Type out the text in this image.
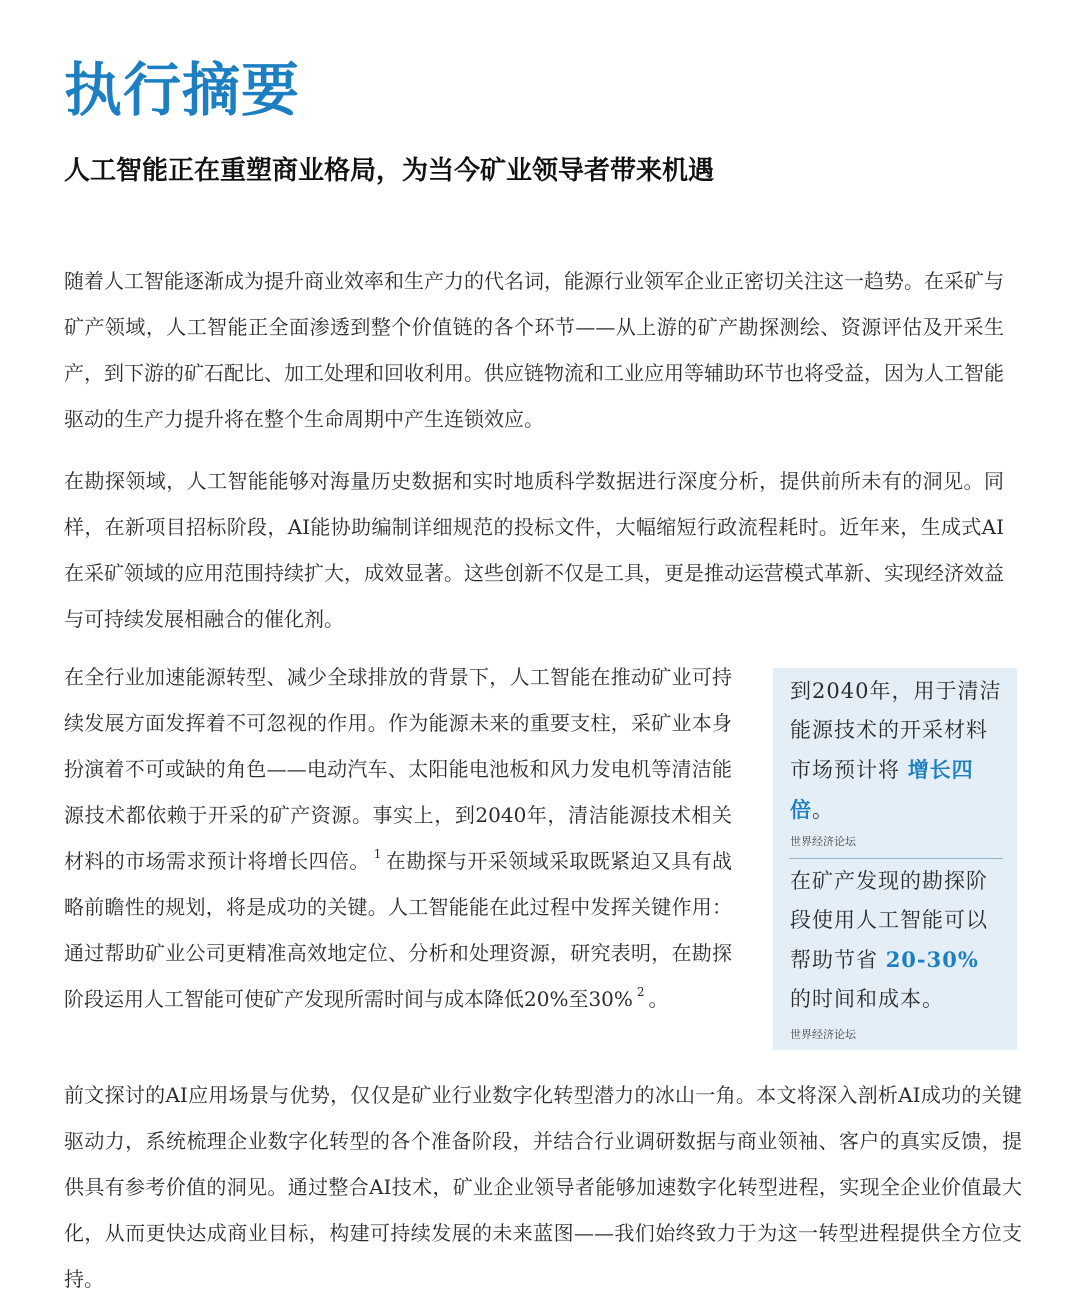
执行摘要
人工智能正在重塑商业格局，为当今矿业领导者带来机遇

随着人工智能逐渐成为提升商业效率和生产力的代名词，能源行业领军企业正密切关注这一趋势。在采矿与矿产领域，人工智能正全面渗透到整个价值链的各个环节——从上游的矿产勘探测绘、资源评估及开采生产，到下游的矿石配比、加工处理和回收利用。供应链物流和工业应用等辅助环节也将受益，因为人工智能驱动的生产力提升将在整个生命周期中产生连锁效应。

在勘探领域，人工智能能够对海量历史数据和实时地质科学数据进行深度分析，提供前所未有的洞见。同样，在新项目招标阶段，AI能协助编制详细规范的投标文件，大幅缩短行政流程耗时。近年来，生成式AI在采矿领域的应用范围持续扩大，成效显著。这些创新不仅是工具，更是推动运营模式革新、实现经济效益与可持续发展相融合的催化剂。

在全行业加速能源转型、减少全球排放的背景下，人工智能在推动矿业可持续发展方面发挥着不可忽视的作用。作为能源未来的重要支柱，采矿业本身扮演着不可或缺的角色——电动汽车、太阳能电池板和风力发电机等清洁能源技术都依赖于开采的矿产资源。事实上，到2040年，清洁能源技术相关材料的市场需求预计将增长四倍。 $^1$ 在勘探与开采领域采取既紧迫又具有战略前瞻性的规划，将是成功的关键。人工智能能在此过程中发挥关键作用：通过帮助矿业公司更精准高效地定位、分析和处理资源，研究表明，在勘探阶段运用人工智能可使矿产发现所需时间与成本降低20%至30% $^2$ 。

到2040年，用于清洁能源技术的开采材料市场预计将 增长四倍。

世界经济论坛

在矿产发现的勘探阶段使用人工智能可以帮助节省 20-30% 的时间和成本。

世界经济论坛

前文探讨的AI应用场景与优势，仅仅是矿业行业数字化转型潜力的冰山一角。本文将深入剖析AI成功的关键驱动力，系统梳理企业数字化转型的各个准备阶段，并结合行业调研数据与商业领袖、客户的真实反馈，提供具有参考价值的洞见。通过整合AI技术，矿业企业领导者能够加速数字化转型进程，实现全企业价值最大化，从而更快达成商业目标，构建可持续发展的未来蓝图——我们始终致力于为这一转型进程提供全方位支持。
